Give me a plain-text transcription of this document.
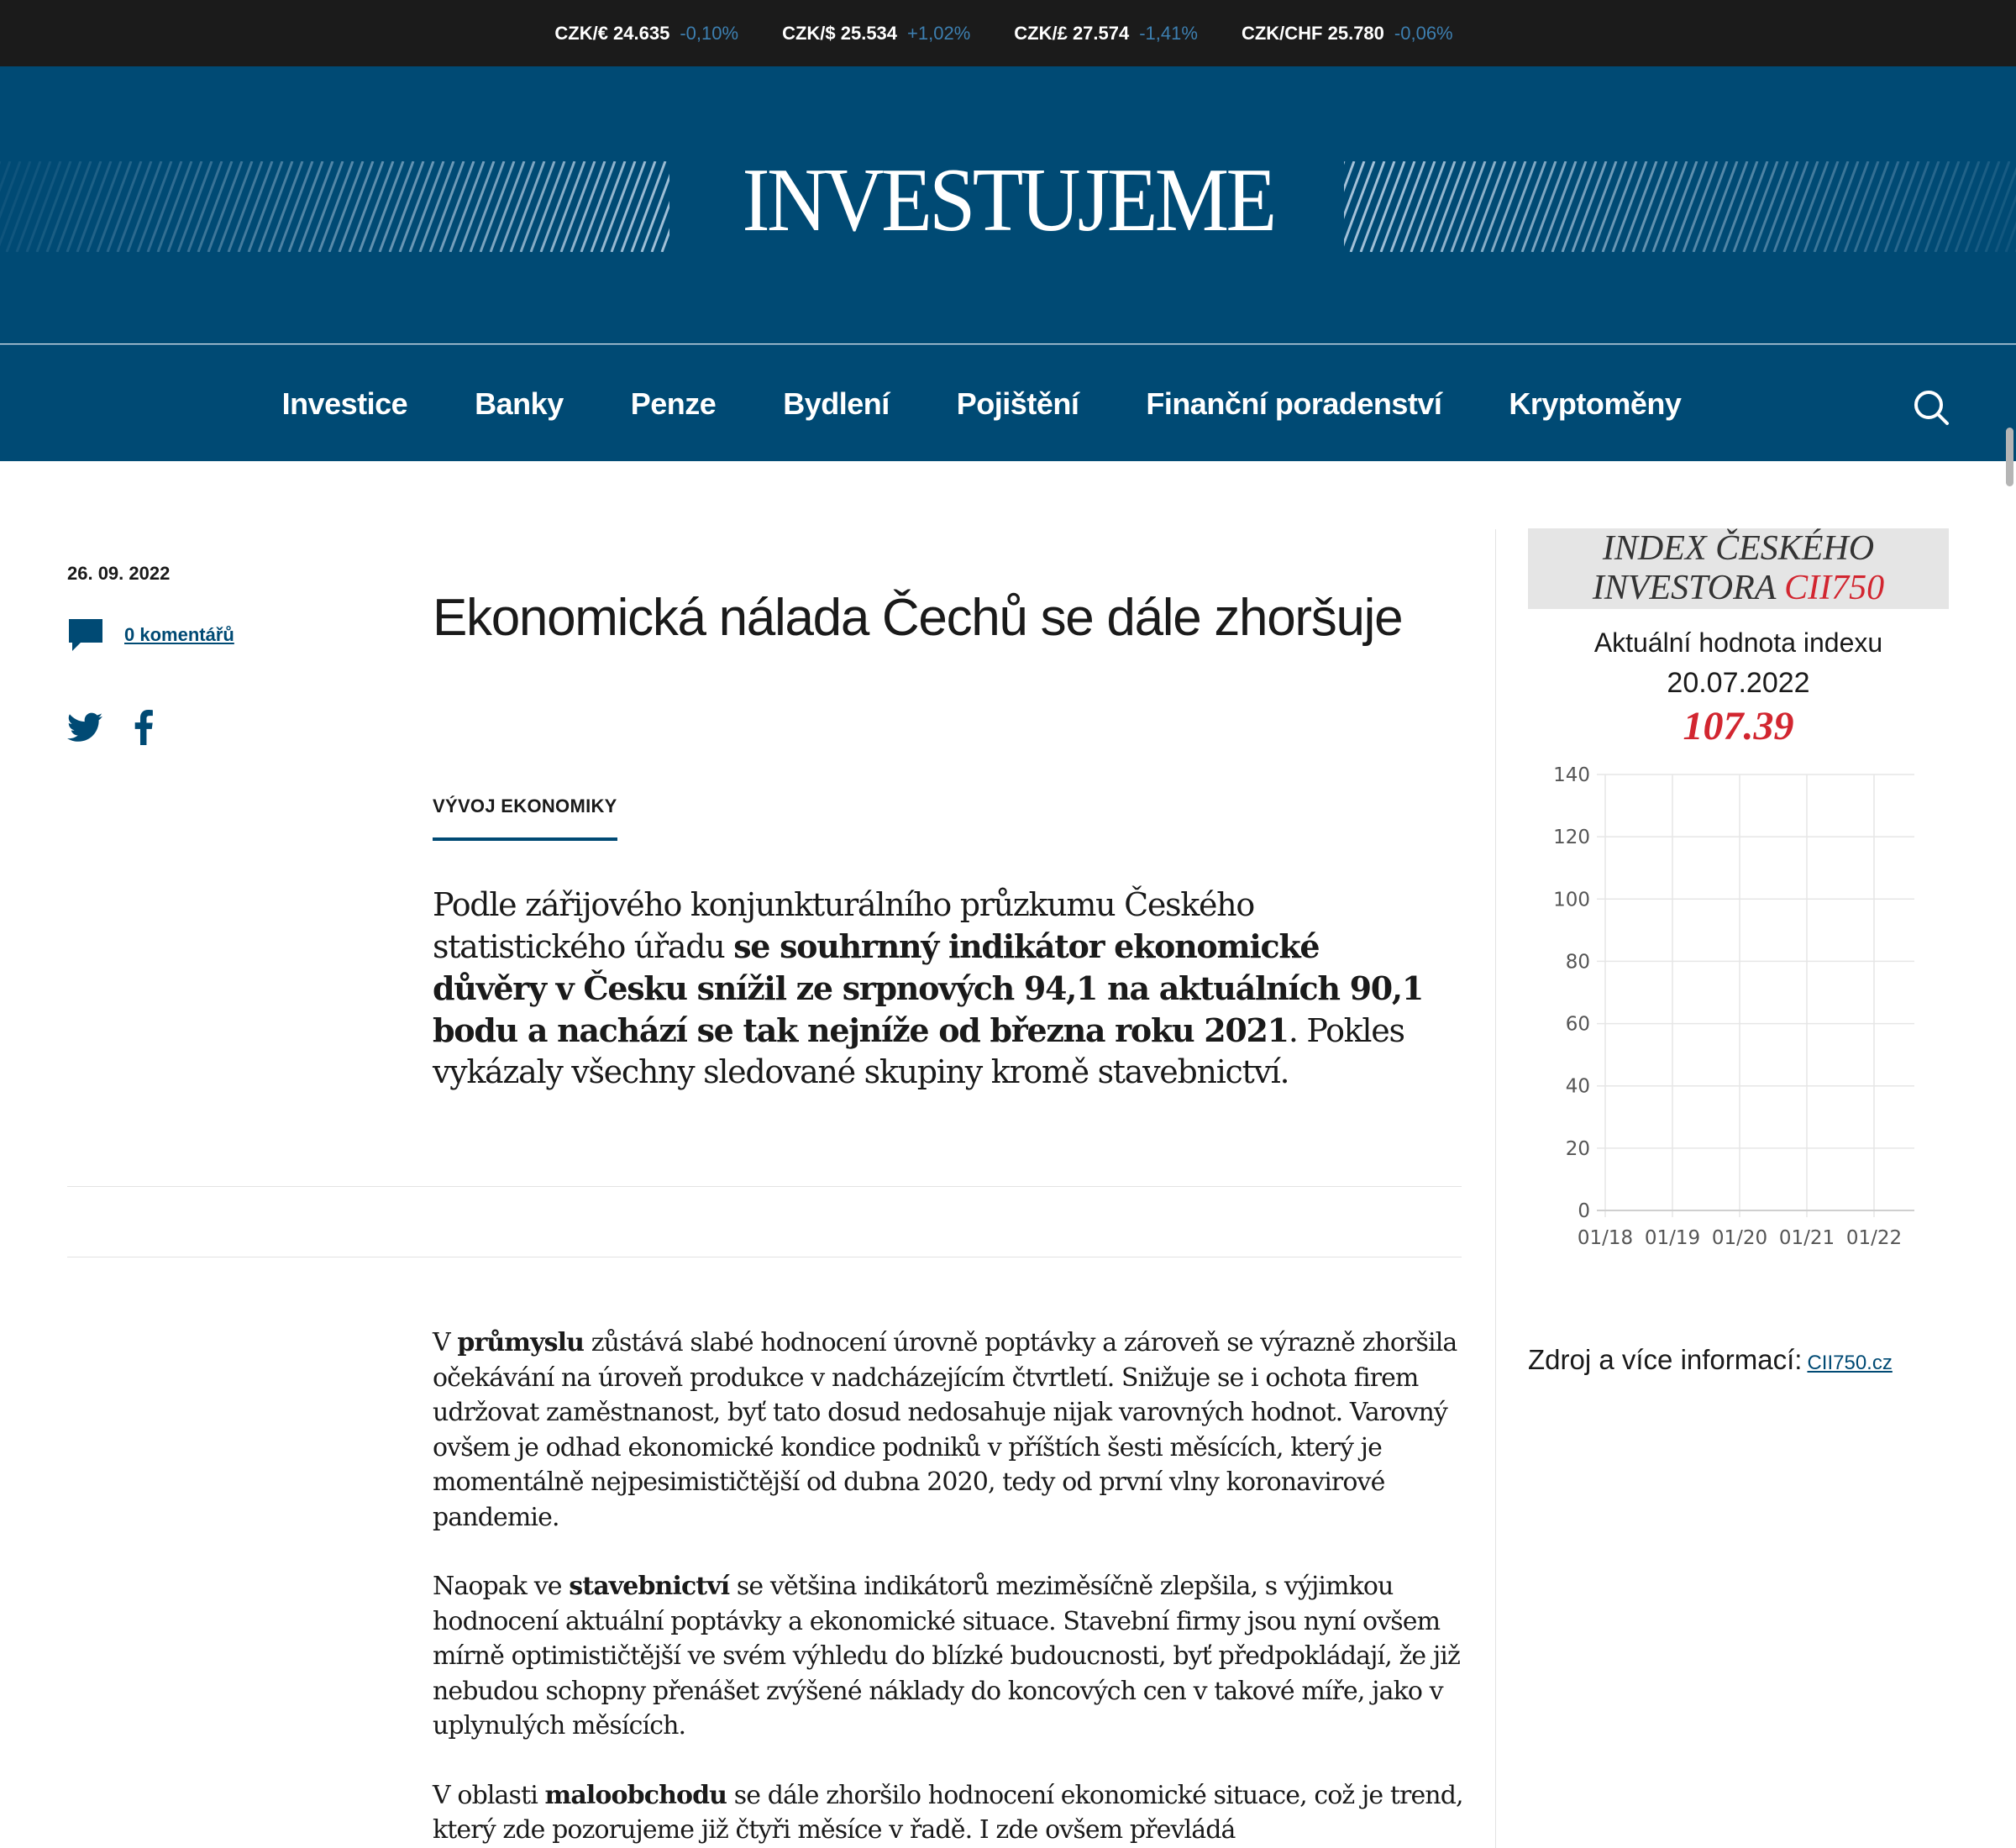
CZK/€ 24.635 -0,10% CZK/$ 25.534 +1,02% CZK/£ 27.574 -1,41% CZK/CHF 25.780 -0,06%
INVESTUJEME
Investice Banky Penze Bydlení Pojištění Finanční poradenství Kryptoměny
26. 09. 2022
0 komentářů	Ekonomická nálada Čechů se dále zhoršuje
VÝVOJ EKONOMIKY
Podle zářijového konjunkturálního průzkumu Českého statistického úřadu se souhrnný indikátor ekonomické důvěry v Česku snížil ze srpnových 94,1 na aktuálních 90,1 bodu a nachází se tak nejníže od března roku 2021. Pokles vykázaly všechny sledované skupiny kromě stavebnictví.

V průmyslu zůstává slabé hodnocení úrovně poptávky a zároveň se výrazně zhoršila očekávání na úroveň produkce v nadcházejícím čtvrtletí. Snižuje se i ochota firem udržovat zaměstnanost, byť tato dosud nedosahuje nijak varovných hodnot. Varovný ovšem je odhad ekonomické kondice podniků v příštích šesti měsících, který je momentálně nejpesimističtější od dubna 2020, tedy od první vlny koronavirové pandemie.

Naopak ve stavebnictví se většina indikátorů meziměsíčně zlepšila, s výjimkou hodnocení aktuální poptávky a ekonomické situace. Stavební firmy jsou nyní ovšem mírně optimističtější ve svém výhledu do blízké budoucnosti, byť předpokládají, že již nebudou schopny přenášet zvýšené náklady do koncových cen v takové míře, jako v uplynulých měsících.

V oblasti maloobchodu se dále zhoršilo hodnocení ekonomické situace, což je trend, který zde pozorujeme již čtyři měsíce v řadě. I zde ovšem převládá

INDEX ČESKÉHO
INVESTORA CII750
Aktuální hodnota indexu
20.07.2022
107.39
140
120
100
80
60
40
20
0
01/18 01/19 01/20 01/21 01/22
Zdroj a více informací: CII750.cz
